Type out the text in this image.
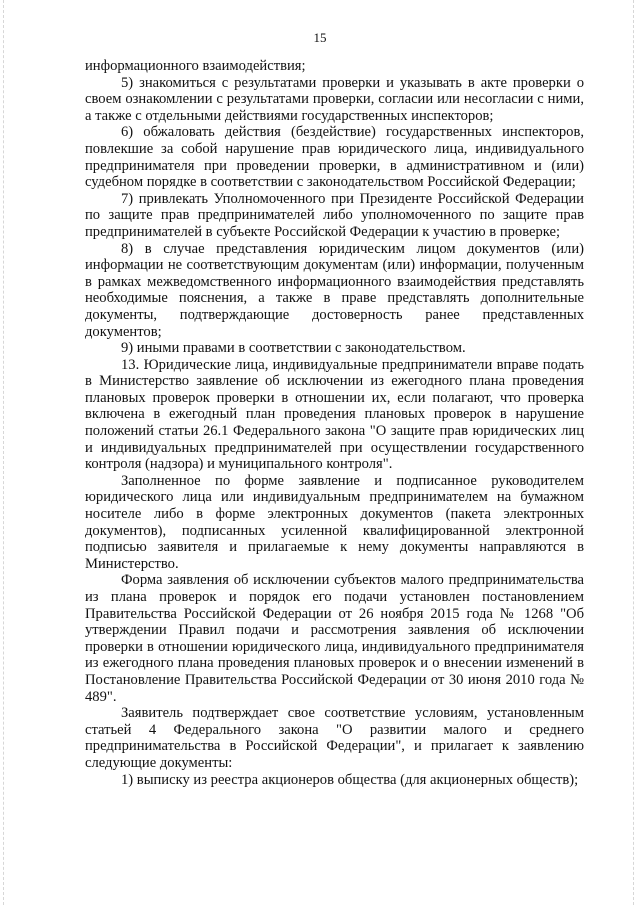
15

информационного взаимодействия;

5) знакомиться с результатами проверки и указывать в акте проверки о своем ознакомлении с результатами проверки, согласии или несогласии с ними, а также с отдельными действиями государственных инспекторов;

6) обжаловать действия (бездействие) государственных инспекторов, повлекшие за собой нарушение прав юридического лица, индивидуального предпринимателя при проведении проверки, в административном и (или) судебном порядке в соответствии с законодательством Российской Федерации;

7) привлекать Уполномоченного при Президенте Российской Федерации по защите прав предпринимателей либо уполномоченного по защите прав предпринимателей в субъекте Российской Федерации к участию в проверке;

8) в случае представления юридическим лицом документов (или) информации не соответствующим документам (или) информации, полученным в рамках межведомственного информационного взаимодействия представлять необходимые пояснения, а также в праве представлять дополнительные документы, подтверждающие достоверность ранее представленных документов;

9) иными правами в соответствии с законодательством.

13. Юридические лица, индивидуальные предприниматели вправе подать в Министерство заявление об исключении из ежегодного плана проведения плановых проверок проверки в отношении их, если полагают, что проверка включена в ежегодный план проведения плановых проверок в нарушение положений статьи 26.1 Федерального закона "О защите прав юридических лиц и индивидуальных предпринимателей при осуществлении государственного контроля (надзора) и муниципального контроля".

Заполненное по форме заявление и подписанное руководителем юридического лица или индивидуальным предпринимателем на бумажном носителе либо в форме электронных документов (пакета электронных документов), подписанных усиленной квалифицированной электронной подписью заявителя и прилагаемые к нему документы направляются в Министерство.

Форма заявления об исключении субъектов малого предпринимательства из плана проверок и порядок его подачи установлен постановлением Правительства Российской Федерации от 26 ноября 2015 года № 1268 "Об утверждении Правил подачи и рассмотрения заявления об исключении проверки в отношении юридического лица, индивидуального предпринимателя из ежегодного плана проведения плановых проверок и о внесении изменений в Постановление Правительства Российской Федерации от 30 июня 2010 года № 489".

Заявитель подтверждает свое соответствие условиям, установленным статьей 4 Федерального закона "О развитии малого и среднего предпринимательства в Российской Федерации", и прилагает к заявлению следующие документы:

1) выписку из реестра акционеров общества (для акционерных обществ);
